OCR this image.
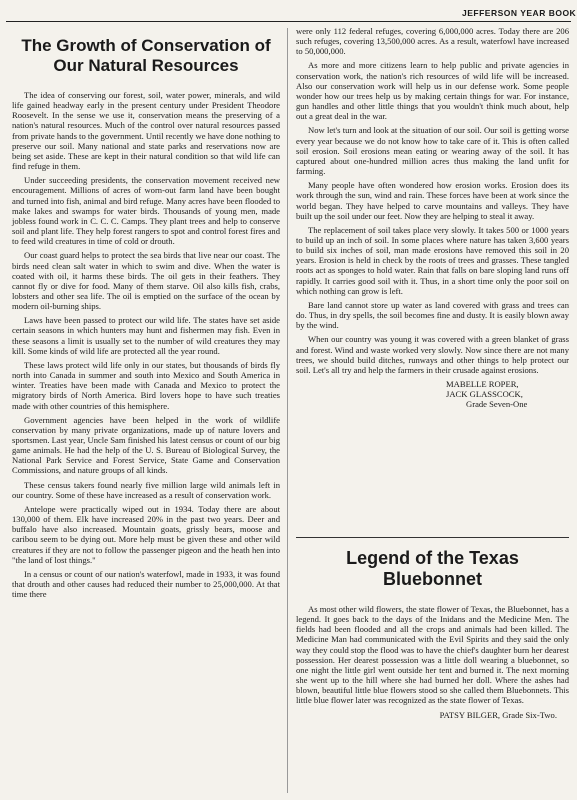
JEFFERSON YEAR BOOK
The Growth of Conservation of Our Natural Resources

The idea of conserving our forest, soil, water power, minerals, and wild life gained headway early in the present century under President Theodore Roosevelt. In the sense we use it, conservation means the preserving of a nation's natural resources. Much of the control over natural resources passed from private hands to the government. Until recently we have done nothing to preserve our soil. Many national and state parks and reservations now are being set aside. These are kept in their natural condition so that wild life can find refuge in them.

Under succeeding presidents, the conservation movement received new encouragement. Millions of acres of worn-out farm land have been bought and turned into fish, animal and bird refuge. Many acres have been flooded to make lakes and swamps for water birds. Thousands of young men, made jobless found work in C. C. C. Camps. They plant trees and help to conserve soil and plant life. They help forest rangers to spot and control forest fires and to feed wild creatures in time of cold or drouth.

Our coast guard helps to protect the sea birds that live near our coast. The birds need clean salt water in which to swim and dive. When the water is coated with oil, it harms these birds. The oil gets in their feathers. They cannot fly or dive for food. Many of them starve. Oil also kills fish, crabs, lobsters and other sea life. The oil is emptied on the surface of the ocean by modern oil-burning ships.

Laws have been passed to protect our wild life. The states have set aside certain seasons in which hunters may hunt and fishermen may fish. Even in these seasons a limit is usually set to the number of wild creatures they may kill. Some kinds of wild life are protected all the year round.

These laws protect wild life only in our states, but thousands of birds fly north into Canada in summer and south into Mexico and South America in winter. Treaties have been made with Canada and Mexico to protect the migratory birds of North America. Bird lovers hope to have such treaties made with other countries of this hemisphere.

Government agencies have been helped in the work of wildlife conservation by many private organizations, made up of nature lovers and sportsmen. Last year, Uncle Sam finished his latest census or count of our big game animals. He had the help of the U. S. Bureau of Biological Survey, the National Park Service and Forest Service, State Game and Conservation Commissions, and nature groups of all kinds.

These census takers found nearly five million large wild animals left in our country. Some of these have increased as a result of conservation work.

Antelope were practically wiped out in 1934. Today there are about 130,000 of them. Elk have increased 20% in the past two years. Deer and buffalo have also increased. Mountain goats, grissly bears, moose and caribou seem to be dying out. More help must be given these and other wild creatures if they are not to follow the passenger pigeon and the heath hen into "the land of lost things."

In a census or count of our nation's waterfowl, made in 1933, it was found that drouth and other causes had reduced their number to 25,000,000. At that time there

were only 112 federal refuges, covering 6,000,000 acres. Today there are 206 such refuges, covering 13,500,000 acres. As a result, waterfowl have increased to 50,000,000.

As more and more citizens learn to help public and private agencies in conservation work, the nation's rich resources of wild life will be increased. Also our conservation work will help us in our defense work. Some people wonder how our trees help us by making certain things for war. For instance, gun handles and other little things that you wouldn't think much about, help out a great deal in the war.

Now let's turn and look at the situation of our soil. Our soil is getting worse every year because we do not know how to take care of it. This is often called soil erosion. Soil erosions mean eating or wearing away of the soil. It has captured about one-hundred million acres thus making the land unfit for farming.

Many people have often wondered how erosion works. Erosion does its work through the sun, wind and rain. These forces have been at work since the world began. They have helped to carve mountains and valleys. They have built up the soil under our feet. Now they are helping to steal it away.

The replacement of soil takes place very slowly. It takes 500 or 1000 years to build up an inch of soil. In some places where nature has taken 3,600 years to build six inches of soil, man made erosions have removed this soil in 20 years. Erosion is held in check by the roots of trees and grasses. These tangled roots act as sponges to hold water. Rain that falls on bare sloping land runs off rapidly. It carries good soil with it. Thus, in a short time only the poor soil on which nothing can grow is left.

Bare land cannot store up water as land covered with grass and trees can do. Thus, in dry spells, the soil becomes fine and dusty. It is easily blown away by the wind.

When our country was young it was covered with a green blanket of grass and forest. Wind and waste worked very slowly. Now since there are not many trees, we should build ditches, runways and other things to help protect our soil. Let's all try and help the farmers in their crusade against erosions.

MABELLE ROPER,

JACK GLASSCOCK,

Grade Seven-One

Legend of the Texas Bluebonnet

As most other wild flowers, the state flower of Texas, the Bluebonnet, has a legend. It goes back to the days of the Inidans and the Medicine Men. The fields had been flooded and all the crops and animals had been killed. The Medicine Man had communicated with the Evil Spirits and they said the only way they could stop the flood was to have the chief's daughter burn her dearest possession. Her dearest possession was a little doll wearing a bluebonnet, so one night the little girl went outside her tent and burned it. The next morning she went up to the hill where she had burned her doll. Where the ashes had blown, beautiful little blue flowers stood so she called them Bluebonnets. This little blue flower later was recognized as the state flower of Texas.

PATSY BILGER, Grade Six-Two.
